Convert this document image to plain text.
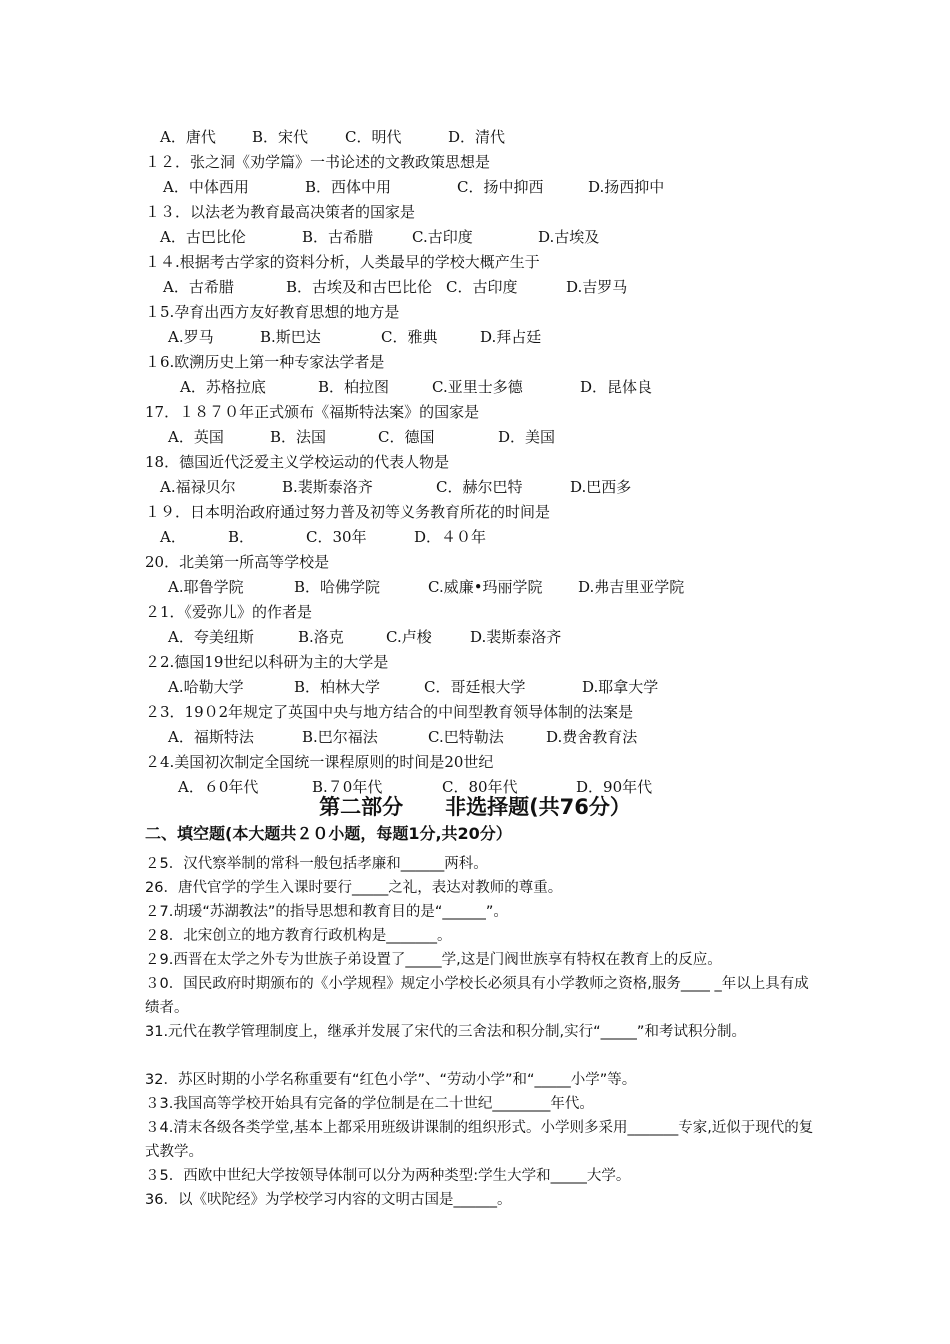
A．唐代 B．宋代 C．明代	D．清代
１２．张之洞《劝学篇》一书论述的文教政策思想是
A．中体西用	B．西体中用	C．扬中抑西	D.扬西抑中
１３．以法老为教育最高决策者的国家是
A．古巴比伦	B．古希腊	C.古印度	D.古埃及
１４.根据考古学家的资料分析，人类最早的学校大概产生于
A．古希腊	B．古埃及和古巴比伦 C．古印度	D.吉罗马
１5.孕育出西方友好教育思想的地方是
A.罗马	B.斯巴达	C．雅典	D.拜占廷
１6.欧溯历史上第一种专家法学者是
A．苏格拉底	B．柏拉图	C.亚里士多德	D．昆体良
17．１８７０年正式颁布《福斯特法案》的国家是
A．英国	B．法国	C．德国	D．美国
18．德国近代泛爱主义学校运动的代表人物是
A.福禄贝尔	B.裴斯泰洛齐	C．赫尔巴特	D.巴西多
１９．日本明治政府通过努力普及初等义务教育所花的时间是
A．	B．	C．30年	D．４０年
20．北美第一所高等学校是
A.耶鲁学院	B．哈佛学院	C.威廉•玛丽学院 D.弗吉里亚学院
２1．《爱弥儿》的作者是
A．夸美纽斯	B.洛克	C.卢梭	D.裴斯泰洛齐
２2.德国19世纪以科研为主的大学是
A.哈勒大学	B．柏林大学	C．哥廷根大学	D.耶拿大学
２3．19０2年规定了英国中央与地方结合的中间型教育领导体制的法案是
A．福斯特法	B.巴尔福法	C.巴特勒法	D.费舍教育法
２4.美国初次制定全国统一课程原则的时间是20世纪
A．６0年代	B.７0年代	C．80年代	D．90年代
第二部分　　非选择题(共76分）
二、填空题(本大题共２０小题，每题1分,共20分）
２5．汉代察举制的常科一般包括孝廉和______两科。
26．唐代官学的学生入课时要行_____之礼，表达对教师的尊重。
２7.胡瑗“苏湖教法”的指导思想和教育目的是“______”。
２8．北宋创立的地方教育行政机构是_______。
２9.西晋在太学之外专为世族子弟设置了_____学,这是门阀世族享有特权在教育上的反应。
３0．国民政府时期颁布的《小学规程》规定小学校长必须具有小学教师之资格,服务____ _年以上具有成绩者。
31.元代在教学管理制度上，继承并发展了宋代的三舍法和积分制,实行“_____”和考试积分制。
32．苏区时期的小学名称重要有“红色小学”、“劳动小学”和“_____小学”等。
３3.我国高等学校开始具有完备的学位制是在二十世纪________年代。
３4.清末各级各类学堂,基本上都采用班级讲课制的组织形式。小学则多采用_______专家,近似于现代的复式教学。
３5．西欧中世纪大学按领导体制可以分为两种类型:学生大学和_____大学。
36．以《吠陀经》为学校学习内容的文明古国是______。
